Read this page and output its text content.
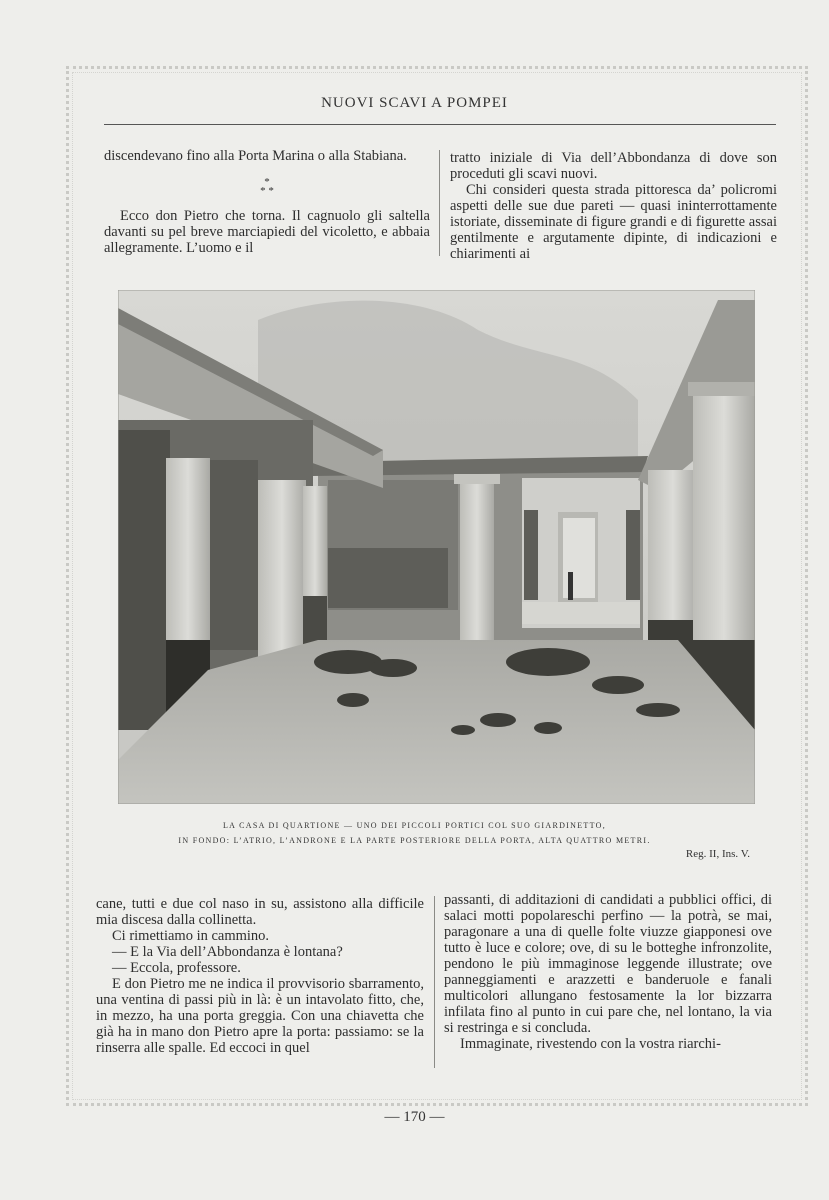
NUOVI SCAVI A POMPEI

discendevano fino alla Porta Marina o alla Stabiana.

*
* *

Ecco don Pietro che torna. Il cagnuolo gli saltella davanti su pel breve marciapiedi del vicoletto, e abbaia allegramente. L’uomo e il

tratto iniziale di Via dell’Abbondanza di dove son proceduti gli scavi nuovi.

Chi consideri questa strada pittoresca da’ policromi aspetti delle sue due pareti — quasi ininterrottamente istoriate, disseminate di figure grandi e di figurette assai gentilmente e argutamente dipinte, di indicazioni e chiarimenti ai

LA CASA DI QUARTIONE — UNO DEI PICCOLI PORTICI COL SUO GIARDINETTO,
IN FONDO: L’ATRIO, L’ANDRONE E LA PARTE POSTERIORE DELLA PORTA, ALTA QUATTRO METRI.
Reg. II, Ins. V.

cane, tutti e due col naso in su, assistono alla difficile mia discesa dalla collinetta.

Ci rimettiamo in cammino.

— E la Via dell’Abbondanza è lontana?

— Eccola, professore.

E don Pietro me ne indica il provvisorio sbarramento, una ventina di passi più in là: è un intavolato fitto, che, in mezzo, ha una porta greggia. Con una chiavetta che già ha in mano don Pietro apre la porta: passiamo: se la rinserra alle spalle. Ed eccoci in quel

passanti, di additazioni di candidati a pubblici offici, di salaci motti popolareschi perfino — la potrà, se mai, paragonare a una di quelle folte viuzze giapponesi ove tutto è luce e colore; ove, di su le botteghe infronzolite, pendono le più immaginose leggende illustrate; ove panneggiamenti e arazzetti e banderuole e fanali multicolori allungano festosamente la lor bizzarra infilata fino al punto in cui pare che, nel lontano, la via si restringa e si concluda.

Immaginate, rivestendo con la vostra riarchi-

— 170 —
